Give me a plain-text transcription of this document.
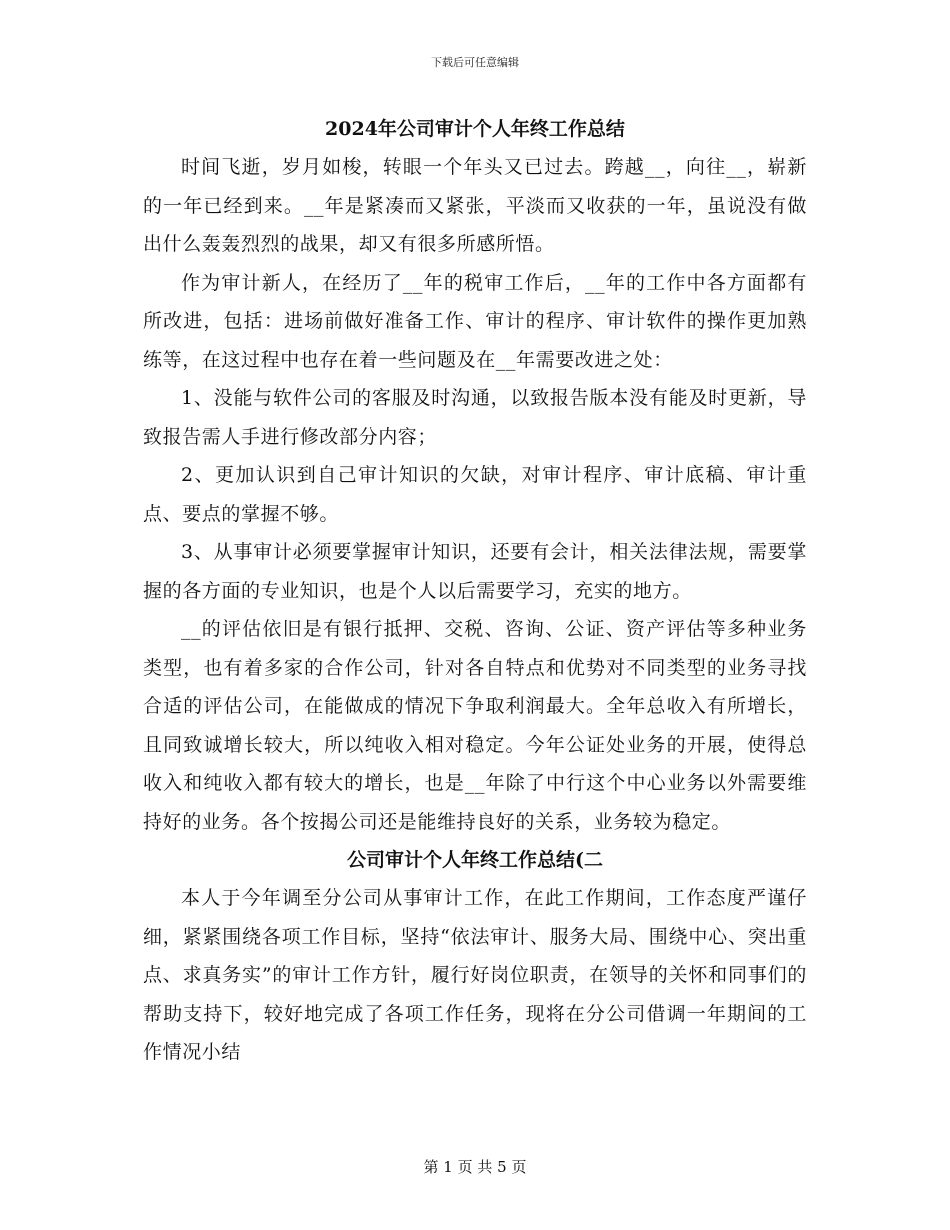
下载后可任意编辑
2024年公司审计个人年终工作总结

时间飞逝，岁月如梭，转眼一个年头又已过去。跨越__，向往__，崭新的一年已经到来。__年是紧凑而又紧张，平淡而又收获的一年，虽说没有做出什么轰轰烈烈的战果，却又有很多所感所悟。

作为审计新人，在经历了__年的税审工作后，__年的工作中各方面都有所改进，包括：进场前做好准备工作、审计的程序、审计软件的操作更加熟练等，在这过程中也存在着一些问题及在__年需要改进之处：

1、没能与软件公司的客服及时沟通，以致报告版本没有能及时更新，导致报告需人手进行修改部分内容；

2、更加认识到自己审计知识的欠缺，对审计程序、审计底稿、审计重点、要点的掌握不够。

3、从事审计必须要掌握审计知识，还要有会计，相关法律法规，需要掌握的各方面的专业知识，也是个人以后需要学习，充实的地方。

__的评估依旧是有银行抵押、交税、咨询、公证、资产评估等多种业务类型，也有着多家的合作公司，针对各自特点和优势对不同类型的业务寻找合适的评估公司，在能做成的情况下争取利润最大。全年总收入有所增长，且同致诚增长较大，所以纯收入相对稳定。今年公证处业务的开展，使得总收入和纯收入都有较大的增长，也是__年除了中行这个中心业务以外需要维持好的业务。各个按揭公司还是能维持良好的关系，业务较为稳定。

公司审计个人年终工作总结(二

本人于今年调至分公司从事审计工作，在此工作期间，工作态度严谨仔细，紧紧围绕各项工作目标，坚持“依法审计、服务大局、围绕中心、突出重点、求真务实”的审计工作方针，履行好岗位职责，在领导的关怀和同事们的帮助支持下，较好地完成了各项工作任务，现将在分公司借调一年期间的工作情况小结

第 1 页 共 5 页
